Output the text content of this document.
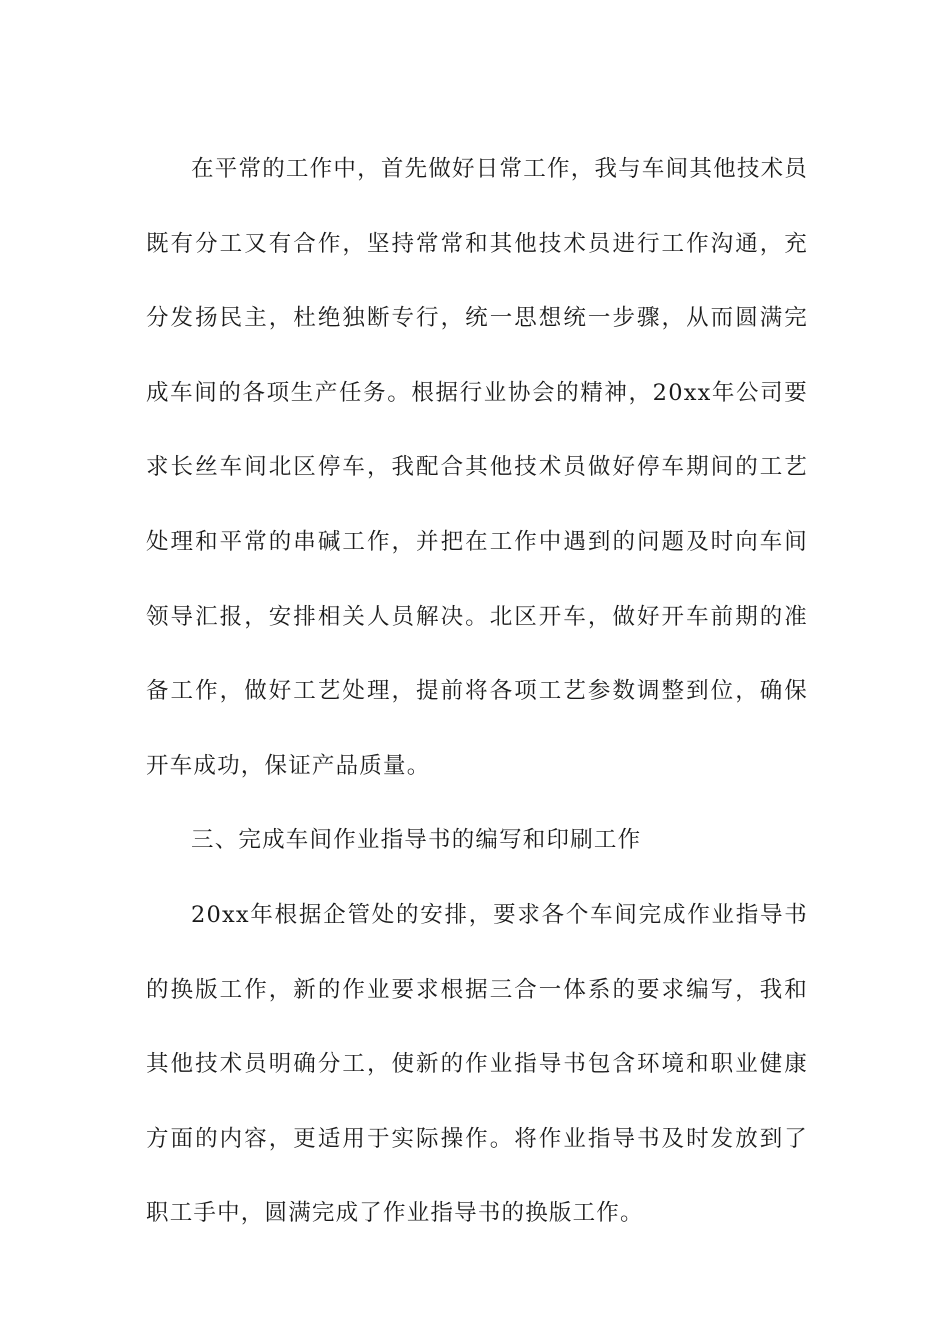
在平常的工作中，首先做好日常工作，我与车间其他技术员既有分工又有合作，坚持常常和其他技术员进行工作沟通，充分发扬民主，杜绝独断专行，统一思想统一步骤，从而圆满完成车间的各项生产任务。根据行业协会的精神，20xx年公司要求长丝车间北区停车，我配合其他技术员做好停车期间的工艺处理和平常的串碱工作，并把在工作中遇到的问题及时向车间领导汇报，安排相关人员解决。北区开车，做好开车前期的准备工作，做好工艺处理，提前将各项工艺参数调整到位，确保开车成功，保证产品质量。

三、完成车间作业指导书的编写和印刷工作

20xx年根据企管处的安排，要求各个车间完成作业指导书的换版工作，新的作业要求根据三合一体系的要求编写，我和其他技术员明确分工，使新的作业指导书包含环境和职业健康方面的内容，更适用于实际操作。将作业指导书及时发放到了职工手中，圆满完成了作业指导书的换版工作。
